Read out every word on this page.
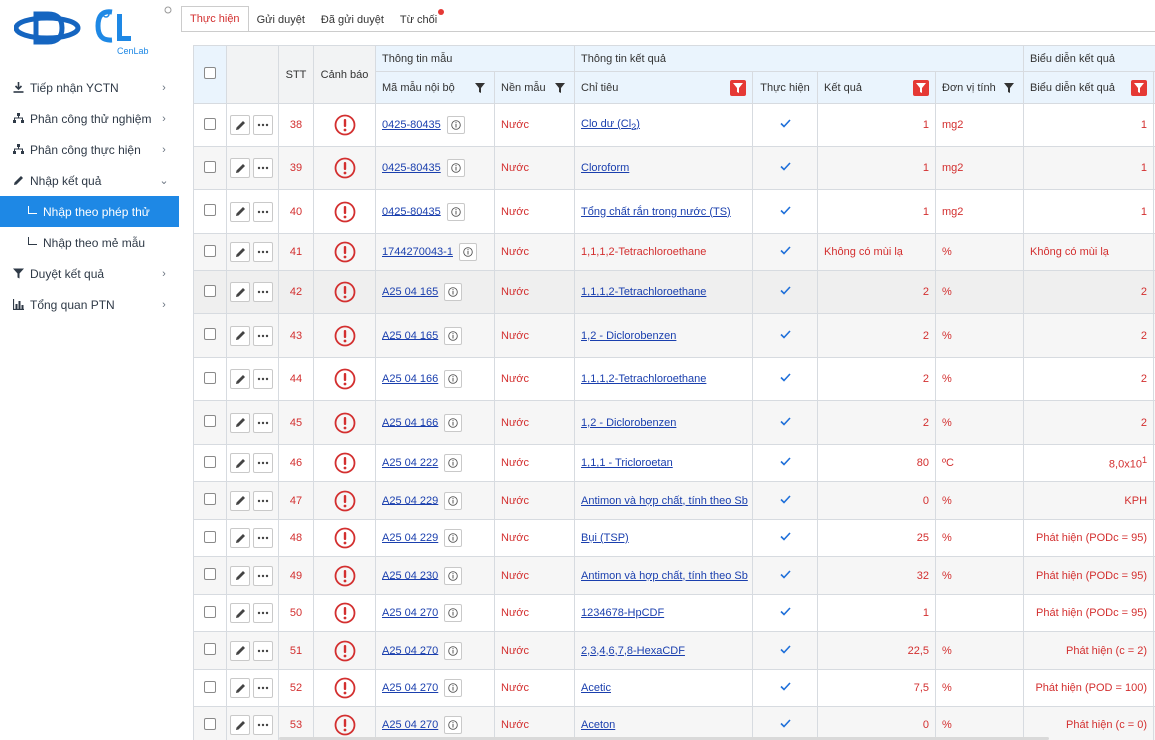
CenLab
Tiếp nhận YCTN	›
Phân công thử nghiệm ›
Phân công thực hiện	›
Nhập kết quả	⌄
Nhập theo phép thử
Nhập theo mẻ mẫu
Duyệt kết quả	›
Tổng quan PTN	›
Thực hiện Gửi duyệt Đã gửi duyệt Từ chối
		STT	Cảnh báo	Thông tin mẫu		Thông tin kết quả				Biểu diễn kết quả	

				Mã mẫu nội bộ	Nền mẫu	Chỉ tiêu	Thực hiện	Kết quả	Đơn vị tính	Biểu diễn kết quả	

	38		0425-80435	Nước	Clo dư $(Cl_2)$		1	mg2	1	

	39		0425-80435	Nước	Cloroform		1	mg2	1	

	40		0425-80435	Nước	Tổng chất rắn trong nước (TS)		1	mg2	1	

	41		1744270043-1	Nước	1,1,1,2-Tetrachloroethane		Không có mùi lạ	%	Không có mùi lạ	

	42		A25 04 165	Nước	1,1,1,2-Tetrachloroethane		2	%	2	

	43		A25 04 165	Nước	1,2 - Diclorobenzen		2	%	2	

	44		A25 04 166	Nước	1,1,1,2-Tetrachloroethane		2	%	2	

	45		A25 04 166	Nước	1,2 - Diclorobenzen		2	%	2	

	46		A25 04 222	Nước	1,1,1 - Tricloroetan		80	ºC	$8,0x10^1$	

	47		A25 04 229	Nước	Antimon và hợp chất, tính theo Sb		0	%	KPH	

	48		A25 04 229	Nước	Bụi (TSP)		25	%	Phát hiện (PODc = 95)	

	49		A25 04 230	Nước	Antimon và hợp chất, tính theo Sb		32	%	Phát hiện (PODc = 95)	

	50		A25 04 270	Nước	1234678-HpCDF		1		Phát hiện (PODc = 95)	

	51		A25 04 270	Nước	2,3,4,6,7,8-HexaCDF		22,5	%	Phát hiện (c = 2)	

	52		A25 04 270	Nước	Acetic		7,5	%	Phát hiện (POD = 100)	

	53		A25 04 270	Nước	Aceton		0	%	Phát hiện (c = 0)	
